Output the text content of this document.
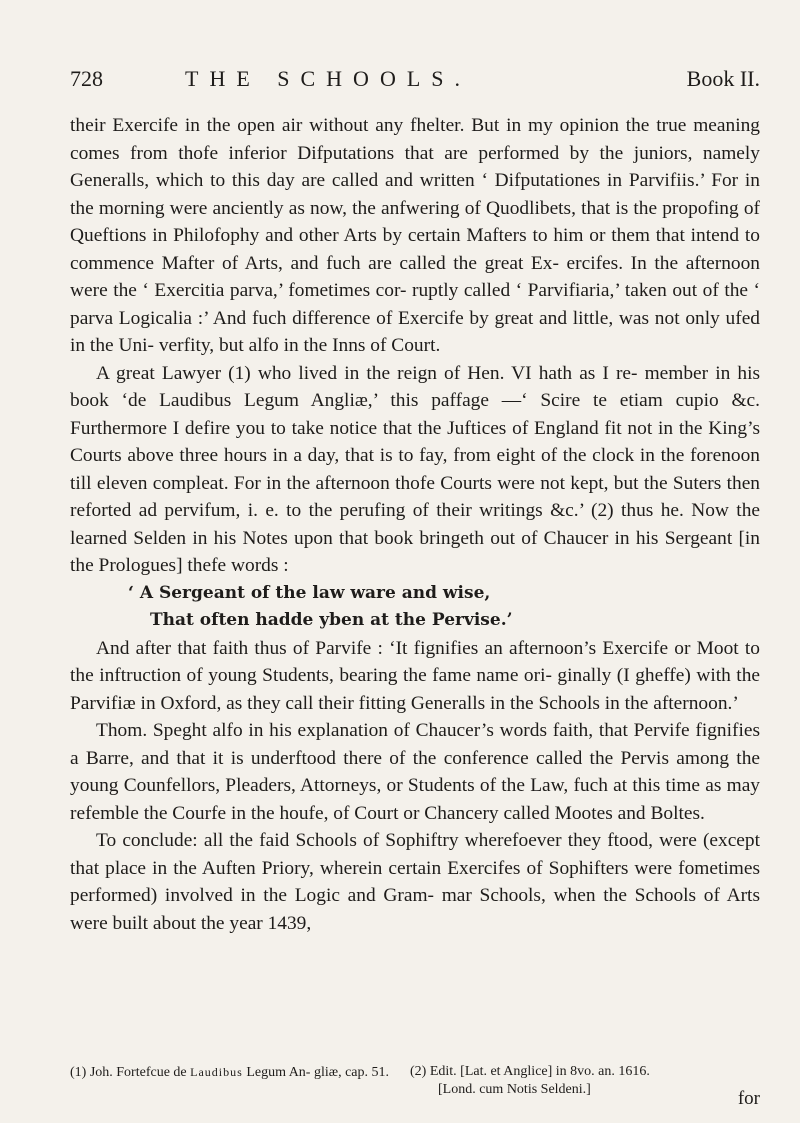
728	THE SCHOOLS.	Book II.

their Exercife in the open air without any fhelter. But in my opinion the true meaning comes from thofe inferior Difputations that are performed by the juniors, namely Generalls, which to this day are called and written ‘ Difputationes in Parvifiis.’ For in the morning were anciently as now, the anfwering of Quodlibets, that is the propofing of Queftions in Philofophy and other Arts by certain Mafters to him or them that intend to commence Mafter of Arts, and fuch are called the great Ex- ercifes. In the afternoon were the ‘ Exercitia parva,’ fometimes cor- ruptly called ‘ Parvifiaria,’ taken out of the ‘ parva Logicalia :’ And fuch difference of Exercife by great and little, was not only ufed in the Uni- verfity, but alfo in the Inns of Court.

A great Lawyer (1) who lived in the reign of Hen. VI hath as I re- member in his book ‘de Laudibus Legum Angliæ,’ this paffage —‘ Scire te etiam cupio &c. Furthermore I defire you to take notice that the Juftices of England fit not in the King’s Courts above three hours in a day, that is to fay, from eight of the clock in the forenoon till eleven compleat. For in the afternoon thofe Courts were not kept, but the Suters then reforted ad pervifum, i. e. to the perufing of their writings &c.’ (2) thus he. Now the learned Selden in his Notes upon that book bringeth out of Chaucer in his Sergeant [in the Prologues] thefe words :

‘ A Sergeant of the law ware and wise,
That often hadde yben at the Pervise.’

And after that faith thus of Parvife : ‘It fignifies an afternoon’s Exercife or Moot to the inftruction of young Students, bearing the fame name ori- ginally (I gheffe) with the Parvifiæ in Oxford, as they call their fitting Generalls in the Schools in the afternoon.’

Thom. Speght alfo in his explanation of Chaucer’s words faith, that Pervife fignifies a Barre, and that it is underftood there of the conference called the Pervis among the young Counfellors, Pleaders, Attorneys, or Students of the Law, fuch at this time as may refemble the Courfe in the houfe, of Court or Chancery called Mootes and Boltes.

To conclude: all the faid Schools of Sophiftry wherefoever they ftood, were (except that place in the Auften Priory, wherein certain Exercifes of Sophifters were fometimes performed) involved in the Logic and Gram- mar Schools, when the Schools of Arts were built about the year 1439,

(1) Joh. Fortefcue de Laudibus Legum An- gliæ, cap. 51. (2) Edit. [Lat. et Anglice] in 8vo. an. 1616.
[Lond. cum Notis Seldeni.]	for
